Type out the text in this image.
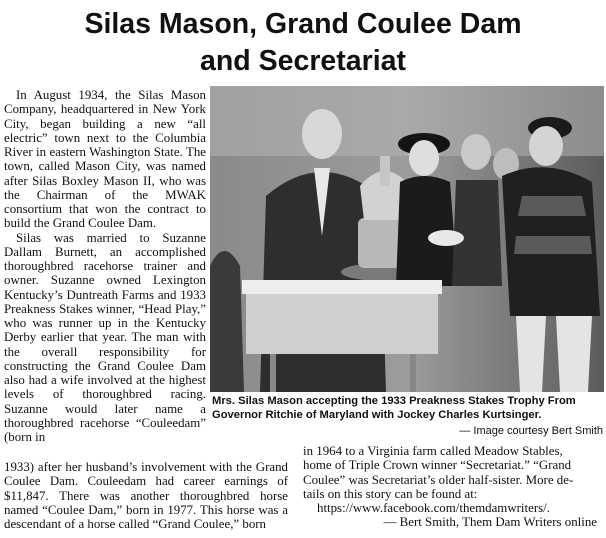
Silas Mason, Grand Coulee Dam
and Secretariat

In August 1934, the Silas Mason Company, headquartered in New York City, began building a new “all electric” town next to the Columbia River in eastern Washington State. The town, called Mason City, was named after Silas Boxley Mason II, who was the Chairman of the MWAK consortium that won the contract to build the Grand Coulee Dam.

Silas was married to Suzanne Dallam Burnett, an accomplished thoroughbred racehorse trainer and owner. Suzanne owned Lexington Kentucky’s Duntreath Farms and 1933 Preakness Stakes winner, “Head Play,” who was runner up in the Kentucky Derby earlier that year. The man with the overall responsibility for constructing the Grand Coulee Dam also had a wife involved at the highest levels of thoroughbred racing. Suzanne would later name a thoroughbred racehorse “Couleedam” (born in

Mrs. Silas Mason accepting the 1933 Preakness Stakes Trophy From Governor Ritchie of Maryland with Jockey Charles Kurtsinger.
— Image courtesy Bert Smith
1933) after her husband’s involvement with the Grand Coulee Dam. Couleedam had career earnings of $11,847. There was another thoroughbred horse named “Coulee Dam,” born in 1977. This horse was a descendant of a horse called “Grand Coulee,” born
in 1964 to a Virginia farm called Meadow Stables,
home of Triple Crown winner “Secretariat.” “Grand
Coulee” was Secretariat’s older half-sister. More de-
tails on this story can be found at:
https://www.facebook.com/themdamwriters/.
— Bert Smith, Them Dam Writers online
